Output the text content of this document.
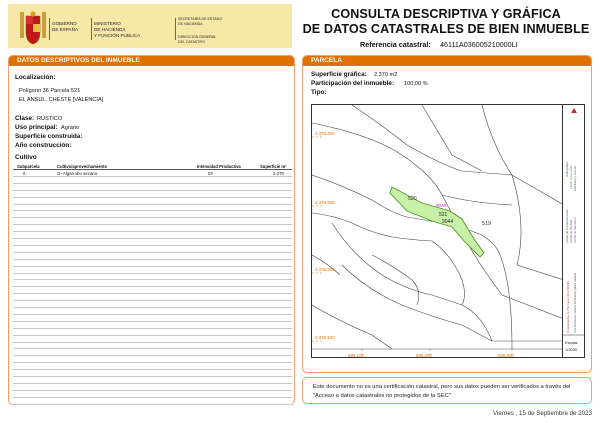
GOBIERNO
DE ESPAÑA
MINISTERIO
DE HACIENDA
Y FUNCIÓN PÚBLICA
SECRETARÍA DE ESTADO
DE HACIENDA
DIRECCIÓN GENERAL
DEL CATASTRO
CONSULTA DESCRIPTIVA Y GRÁFICA
DE DATOS CATASTRALES DE BIEN INMUEBLE
Referencia catastral: 46111A036005210000LI
DATOS DESCRIPTIVOS DEL INMUEBLE
Localización:
Polígono 36 Parcela 521
EL ANSUL. CHESTE [VALENCIA]
Clase: RÚSTICO
Uso principal: Agrario
Superficie construida:
Año construcción:
Cultivo
Subparcela	Cultivo/aprovechamiento	Intensidad Productiva	Superficie m²
0	G- Algarrobo secano	02	2.370
PARCELA
Superficie gráfica: 2.370 m2
Participación del inmueble: 100,00 %
Tipo:
520
9046
521
9044	519
4.376.400
4.376.300
4.376.200
4.376.100
696.100	696.200	696.300
Hidrografía Límite zona verde Mobiliario y aceras
Límite de Construcciones Límite de Parcela Límite de Manzana
Coordenadas U.T.M. Huso 30 ETRS89 Este documento contiene información gráfica catastral
Escala:
1/3000
Este documento no es una certificación catastral, pero sus datos pueden ser verificados a través del "Acceso a datos catastrales no protegidos de la SEC"
Viernes , 15 de Septiembre de 2023
